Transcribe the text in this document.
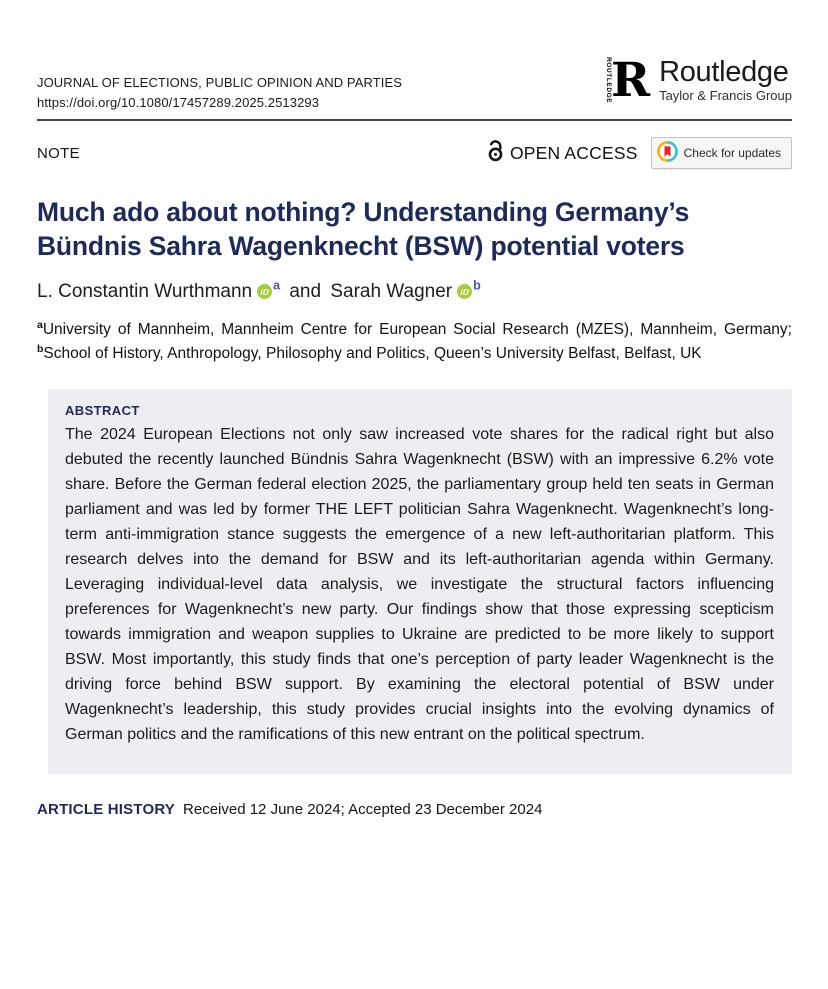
JOURNAL OF ELECTIONS, PUBLIC OPINION AND PARTIES
https://doi.org/10.1080/17457289.2025.2513293	ROUTLEDGE R Routledge
Taylor & Francis Group
NOTE	OPEN ACCESS	Check for updates
Much ado about nothing? Understanding Germany’s Bündnis Sahra Wagenknecht (BSW) potential voters
L. Constantin Wurthmann iD $^a$ and Sarah Wagner iD $^b$

$^a$University of Mannheim, Mannheim Centre for European Social Research (MZES), Mannheim, Germany; $^b$School of History, Anthropology, Philosophy and Politics, Queen’s University Belfast, Belfast, UK

ABSTRACT

The 2024 European Elections not only saw increased vote shares for the radical right but also debuted the recently launched Bündnis Sahra Wagenknecht (BSW) with an impressive 6.2% vote share. Before the German federal election 2025, the parliamentary group held ten seats in German parliament and was led by former THE LEFT politician Sahra Wagenknecht. Wagenknecht’s long-term anti-immigration stance suggests the emergence of a new left-authoritarian platform. This research delves into the demand for BSW and its left-authoritarian agenda within Germany. Leveraging individual-level data analysis, we investigate the structural factors influencing preferences for Wagenknecht’s new party. Our findings show that those expressing scepticism towards immigration and weapon supplies to Ukraine are predicted to be more likely to support BSW. Most importantly, this study finds that one’s perception of party leader Wagenknecht is the driving force behind BSW support. By examining the electoral potential of BSW under Wagenknecht’s leadership, this study provides crucial insights into the evolving dynamics of German politics and the ramifications of this new entrant on the political spectrum.

ARTICLE HISTORY Received 12 June 2024; Accepted 23 December 2024
